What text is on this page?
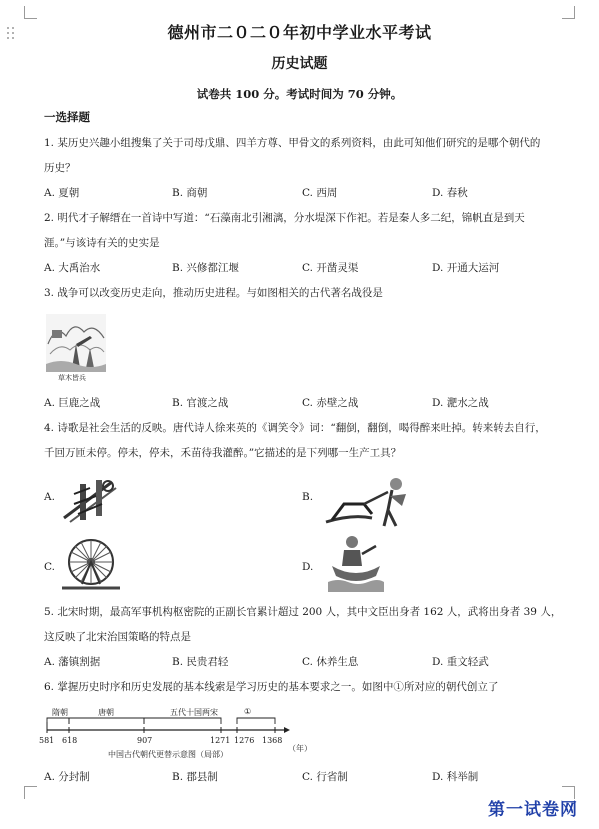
德州市二０二０年初中学业水平考试
历史试题
试卷共 100 分。考试时间为 70 分钟。
一选择题
1. 某历史兴趣小组搜集了关于司母戊鼎、四羊方尊、甲骨文的系列资料，由此可知他们研究的是哪个朝代的
历史？
A. 夏朝	B. 商朝	C. 西周	D. 春秋
2. 明代才子解缙在一首诗中写道：“石藻南北引湘漓，分水堤深下作祀。若是秦人多二纪，锦帆直是到天
涯。”与该诗有关的史实是
A. 大禹治水	B. 兴修都江堰	C. 开凿灵渠	D. 开通大运河
3. 战争可以改变历史走向，推动历史进程。与如图相关的古代著名战役是
草木皆兵
A. 巨鹿之战	B. 官渡之战	C. 赤壁之战	D. 淝水之战
4. 诗歌是社会生活的反映。唐代诗人徐来英的《调笑令》词：“翻倒，翻倒，喝得醉来吐掉。转来转去自行，
千回万匝未停。停未，停未，禾苗待我灌醉。”它描述的是下列哪一生产工具？
A.	B.
C.	D.
5. 北宋时期，最高军事机构枢密院的正副长官累计超过 200 人，其中文臣出身者 162 人，武将出身者 39 人，
这反映了北宋治国策略的特点是
A. 藩镇割据	B. 民贵君轻	C. 休养生息	D. 重文轻武
6. 掌握历史时序和历史发展的基本线索是学习历史的基本要求之一。如图中①所对应的朝代创立了
隋朝	唐朝	五代十国两宋	①
581 618	907	1271 1276 1368
（年）
中国古代朝代更替示意图（局部）
A. 分封制	B. 郡县制	C. 行省制	D. 科举制
第一试卷网
